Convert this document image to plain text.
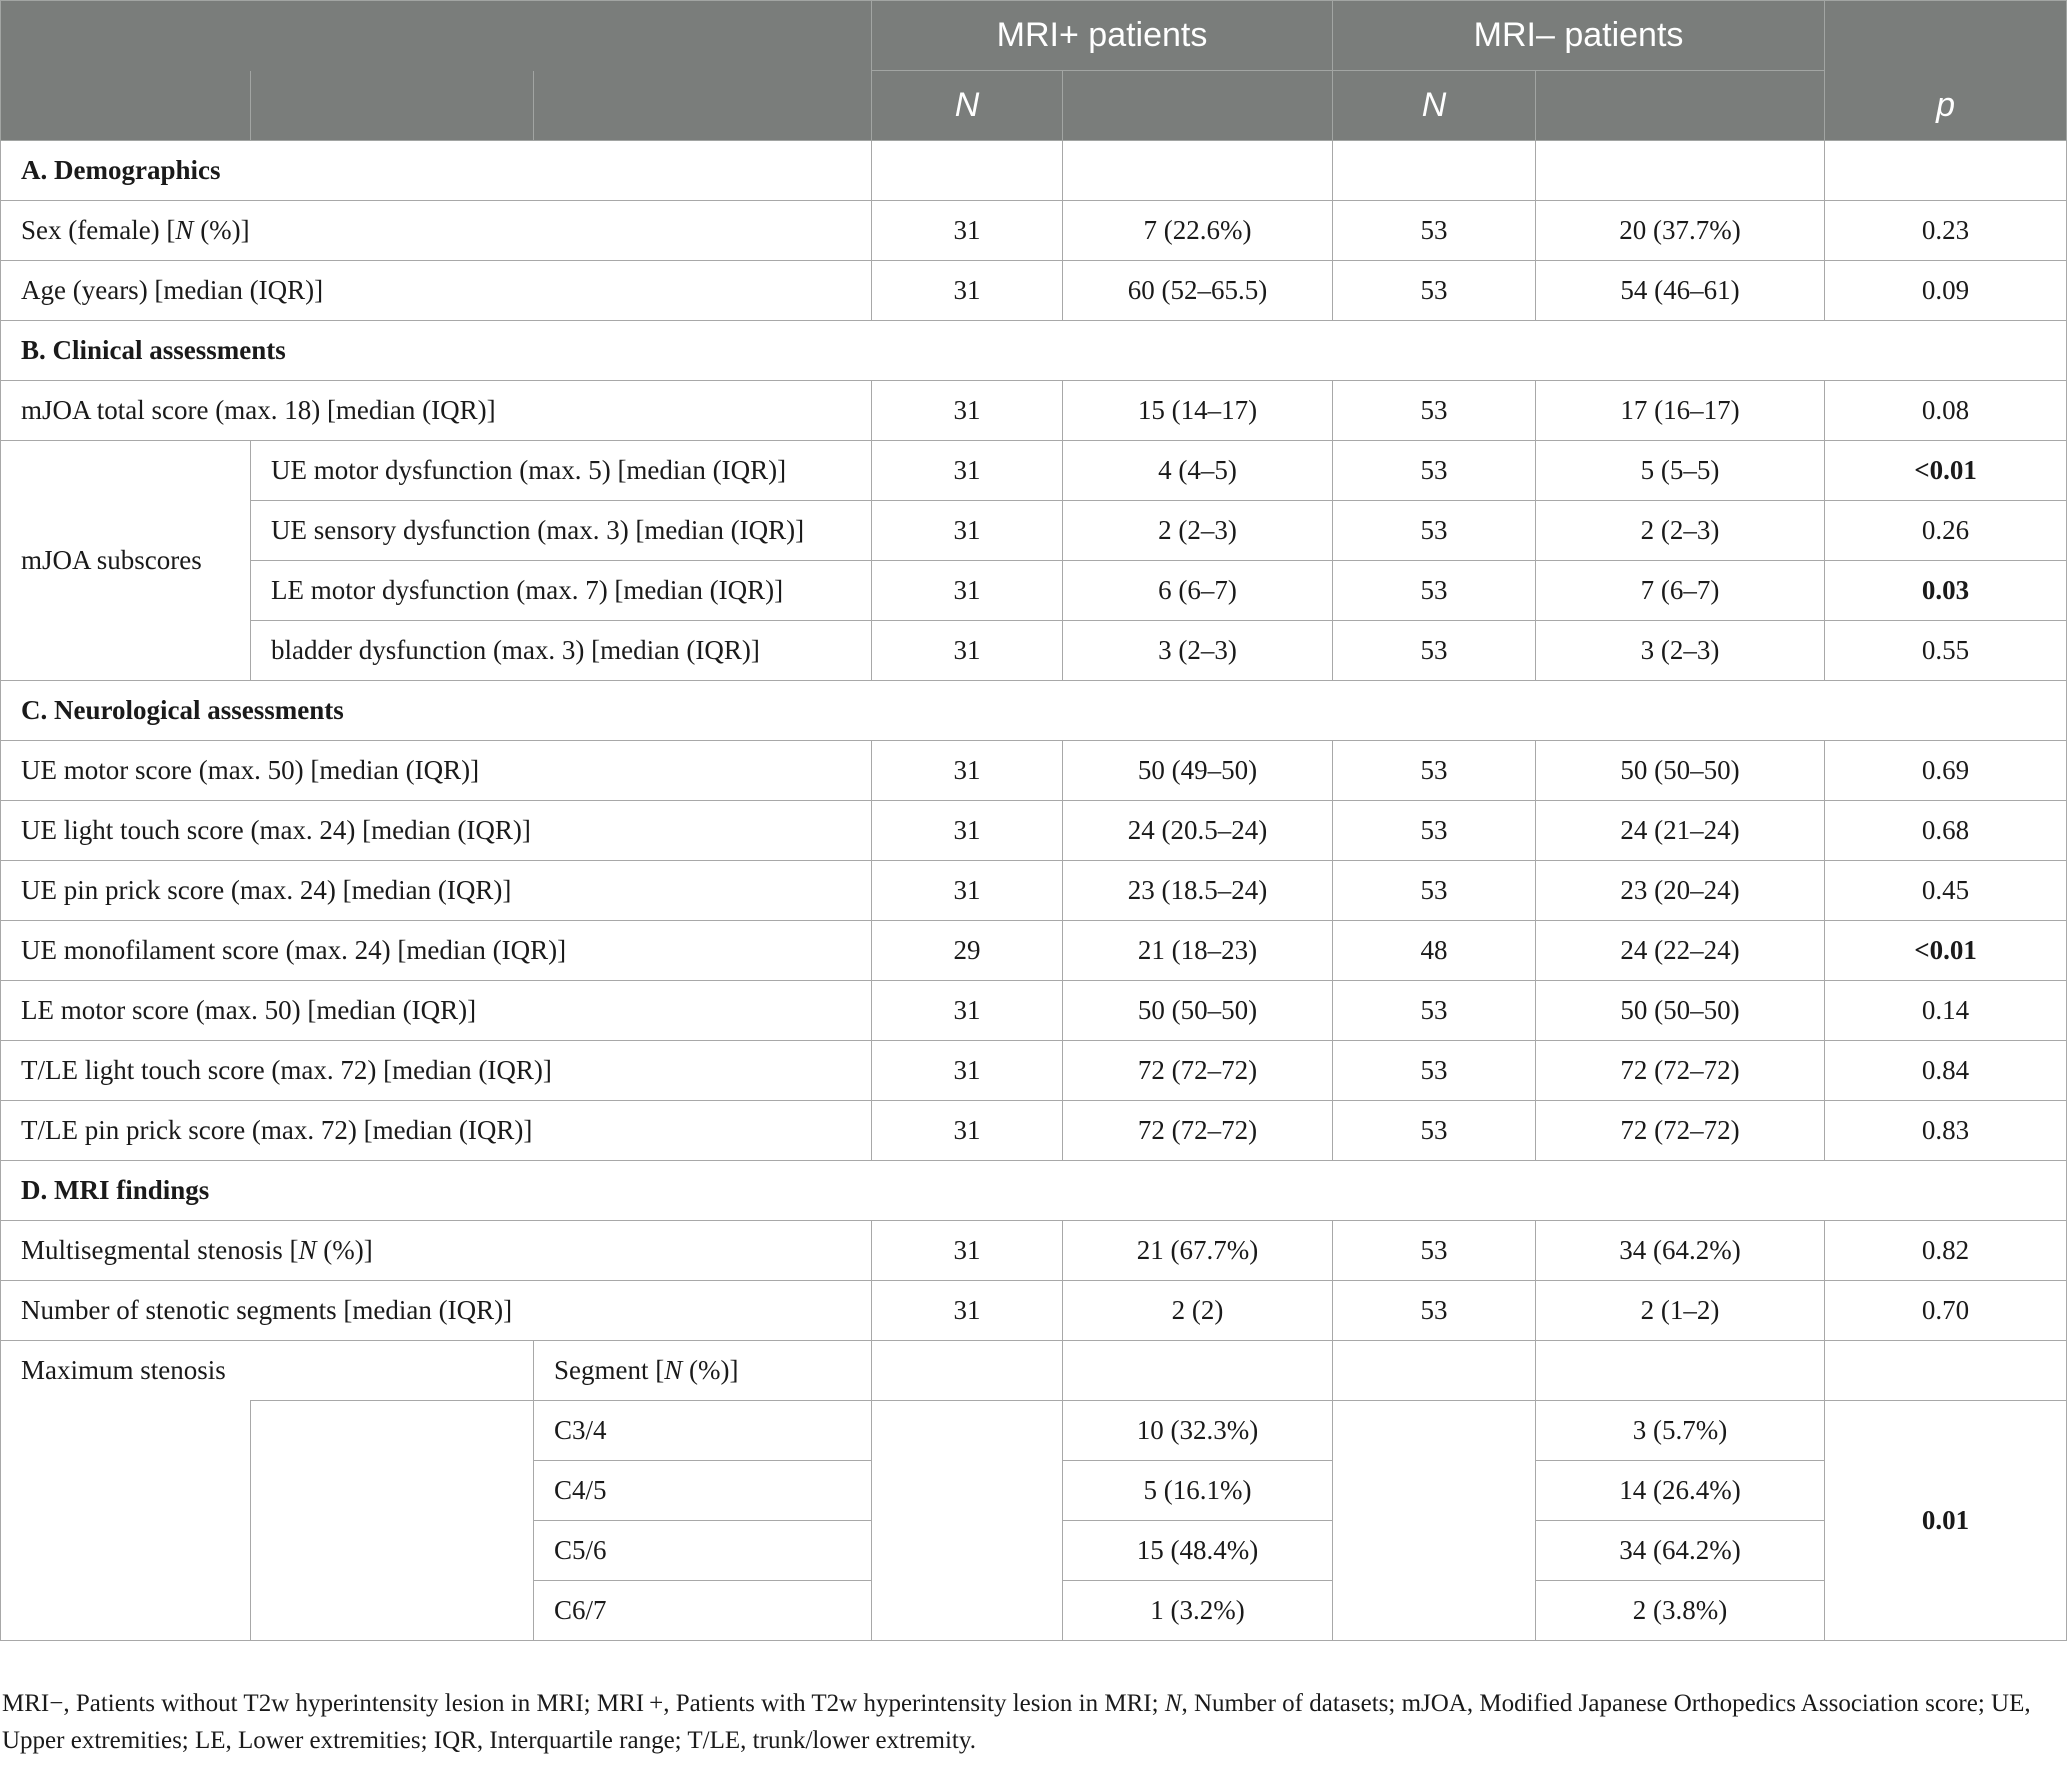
			MRI+ patients		MRI– patients		
			N		N		p
A. Demographics							
Sex (female) [N (%)]			31	7 (22.6%)	53	20 (37.7%)	0.23
Age (years) [median (IQR)]			31	60 (52–65.5)	53	54 (46–61)	0.09
B. Clinical assessments							
mJOA total score (max. 18) [median (IQR)]			31	15 (14–17)	53	17 (16–17)	0.08
mJOA subscores	UE motor dysfunction (max. 5) [median (IQR)]		31	4 (4–5)	53	5 (5–5)	<0.01
	UE sensory dysfunction (max. 3) [median (IQR)]		31	2 (2–3)	53	2 (2–3)	0.26
	LE motor dysfunction (max. 7) [median (IQR)]		31	6 (6–7)	53	7 (6–7)	0.03
	bladder dysfunction (max. 3) [median (IQR)]		31	3 (2–3)	53	3 (2–3)	0.55
C. Neurological assessments							
UE motor score (max. 50) [median (IQR)]			31	50 (49–50)	53	50 (50–50)	0.69
UE light touch score (max. 24) [median (IQR)]			31	24 (20.5–24)	53	24 (21–24)	0.68
UE pin prick score (max. 24) [median (IQR)]			31	23 (18.5–24)	53	23 (20–24)	0.45
UE monofilament score (max. 24) [median (IQR)]			29	21 (18–23)	48	24 (22–24)	<0.01
LE motor score (max. 50) [median (IQR)]			31	50 (50–50)	53	50 (50–50)	0.14
T/LE light touch score (max. 72) [median (IQR)]			31	72 (72–72)	53	72 (72–72)	0.84
T/LE pin prick score (max. 72) [median (IQR)]			31	72 (72–72)	53	72 (72–72)	0.83
D. MRI findings							
Multisegmental stenosis [N (%)]			31	21 (67.7%)	53	34 (64.2%)	0.82
Number of stenotic segments [median (IQR)]			31	2 (2)	53	2 (1–2)	0.70
Maximum stenosis		Segment [N (%)]					
		C3/4		10 (32.3%)		3 (5.7%)	0.01
		C4/5		5 (16.1%)		14 (26.4%)	
		C5/6		15 (48.4%)		34 (64.2%)	
		C6/7		1 (3.2%)		2 (3.8%)	
MRI−, Patients without T2w hyperintensity lesion in MRI; MRI +, Patients with T2w hyperintensity lesion in MRI; N, Number of datasets; mJOA, Modified Japanese Orthopedics Association score; UE, Upper extremities; LE, Lower extremities; IQR, Interquartile range; T/LE, trunk/lower extremity.
